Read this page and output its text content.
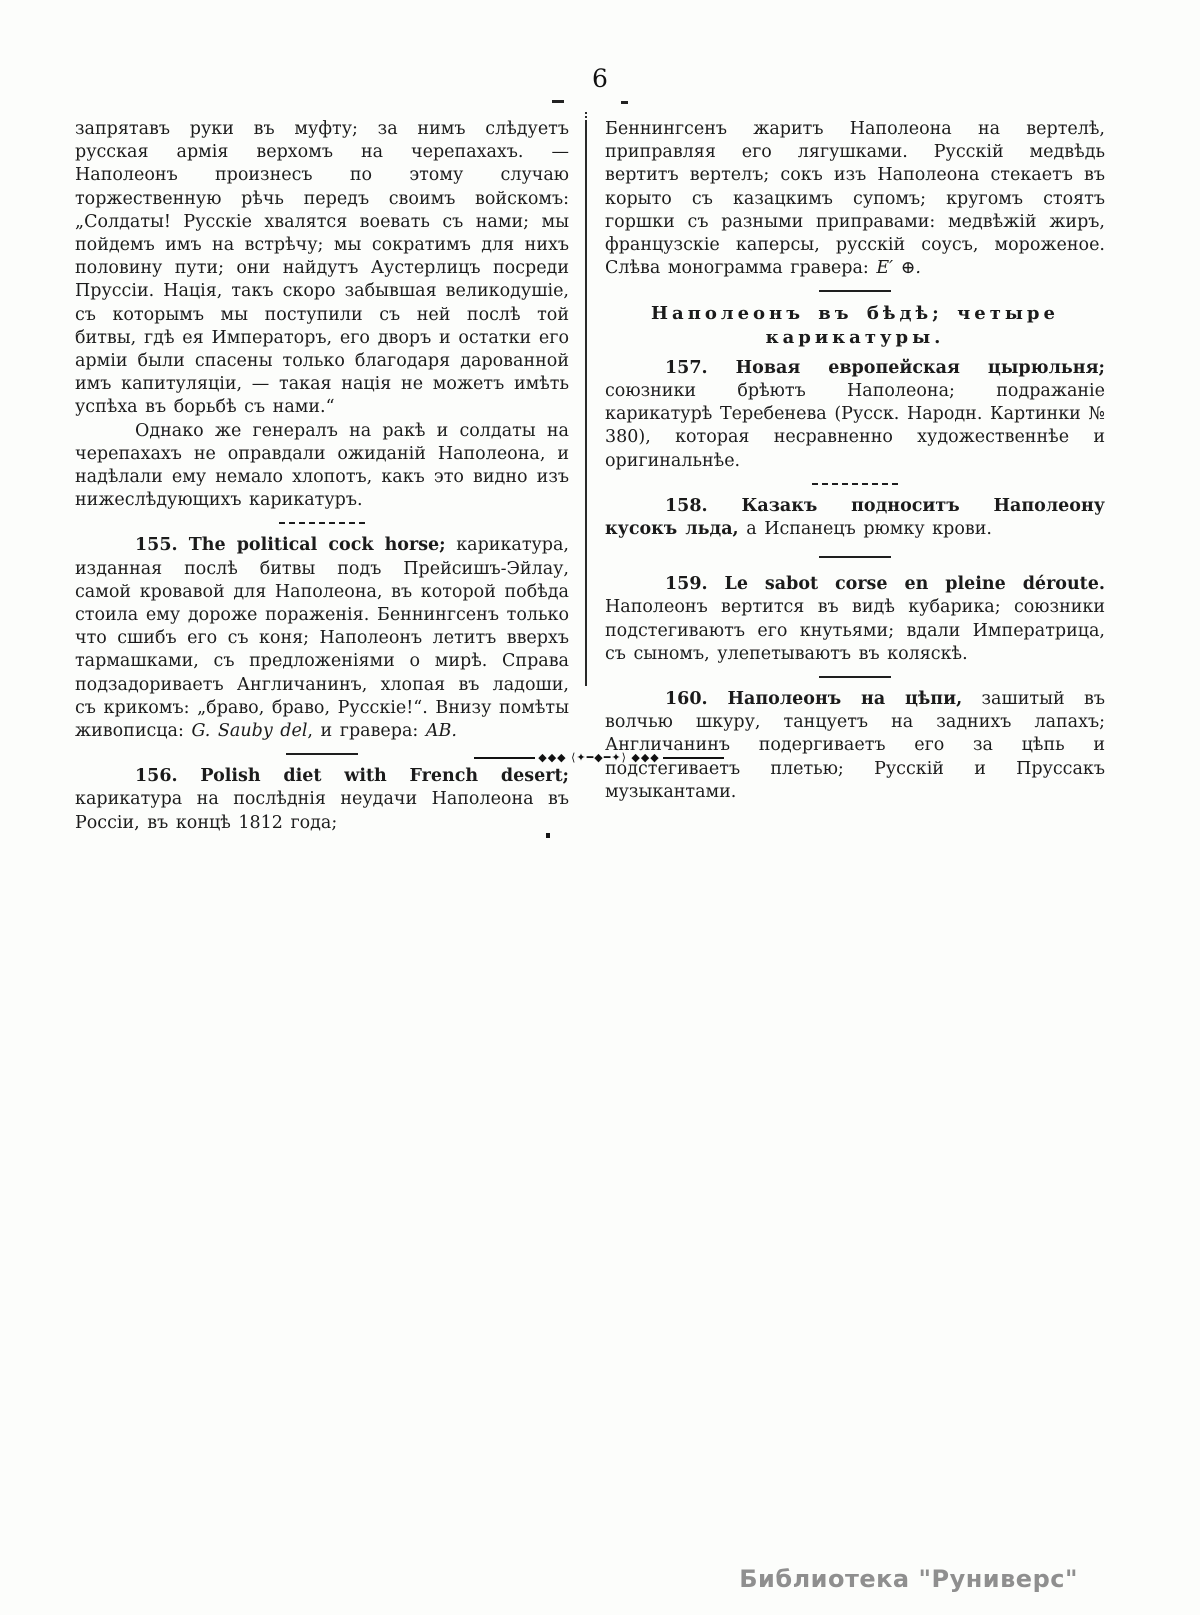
6

запрятавъ руки въ муфту; за нимъ слѣдуетъ русская армія верхомъ на черепахахъ. — Наполеонъ произнесъ по этому случаю торжественную рѣчь передъ своимъ войскомъ: „Солдаты! Русскіе хвалятся воевать съ нами; мы пойдемъ имъ на встрѣчу; мы сократимъ для нихъ половину пути; они найдутъ Аустерлицъ посреди Пруссіи. Нація, такъ скоро забывшая великодушіе, съ которымъ мы поступили съ ней послѣ той битвы, гдѣ ея Императоръ, его дворъ и остатки его арміи были спасены только благодаря дарованной имъ капитуляціи, — такая нація не можетъ имѣть успѣха въ борьбѣ съ нами.“

Однако же генералъ на ракѣ и солдаты на черепахахъ не оправдали ожиданій Наполеона, и надѣлали ему немало хлопотъ, какъ это видно изъ нижеслѣдующихъ карикатуръ.

155. The political cock horse; карикатура, изданная послѣ битвы подъ Прейсишъ-Эйлау, самой кровавой для Наполеона, въ которой побѣда стоила ему дороже пораженія. Беннингсенъ только что сшибъ его съ коня; Наполеонъ летитъ вверхъ тармашками, съ предложеніями о мирѣ. Справа подзадориваетъ Англичанинъ, хлопая въ ладоши, съ крикомъ: „браво, браво, Русскіе!“. Внизу помѣты живописца: G. Sauby del, и гравера: AB.

156. Polish diet with French desert; карикатура на послѣднія неудачи Наполеона въ Россіи, въ концѣ 1812 года;

Беннингсенъ жаритъ Наполеона на вертелѣ, приправляя его лягушками. Русскій медвѣдь вертитъ вертелъ; сокъ изъ Наполеона стекаетъ въ корыто съ казацкимъ супомъ; кругомъ стоятъ горшки съ разными приправами: медвѣжій жиръ, французскіе каперсы, русскій соусъ, мороженое. Слѣва монограмма гравера: E′ ⊕.

Наполеонъ въ бѣдѣ; четыре карикатуры.

157. Новая европейская цырюльня; союзники брѣютъ Наполеона; подражаніе карикатурѣ Теребенева (Русск. Народн. Картинки № 380), которая несравненно художественнѣе и оригинальнѣе.

158. Казакъ подноситъ Наполеону кусокъ льда, а Испанецъ рюмку крови.

159. Le sabot corse en pleine déroute. Наполеонъ вертится въ видѣ кубарика; союзники подстегиваютъ его кнутьями; вдали Императрица, съ сыномъ, улепетываютъ въ коляскѣ.

160. Наполеонъ на цѣпи, зашитый въ волчью шкуру, танцуетъ на заднихъ лапахъ; Англичанинъ подергиваетъ его за цѣпь и подстегиваетъ плетью; Русскій и Пруссакъ музыкантами.

◆◆◆ ⟨✦━◆━✦⟩ ◆◆◆
Библиотека "Руниверс"
